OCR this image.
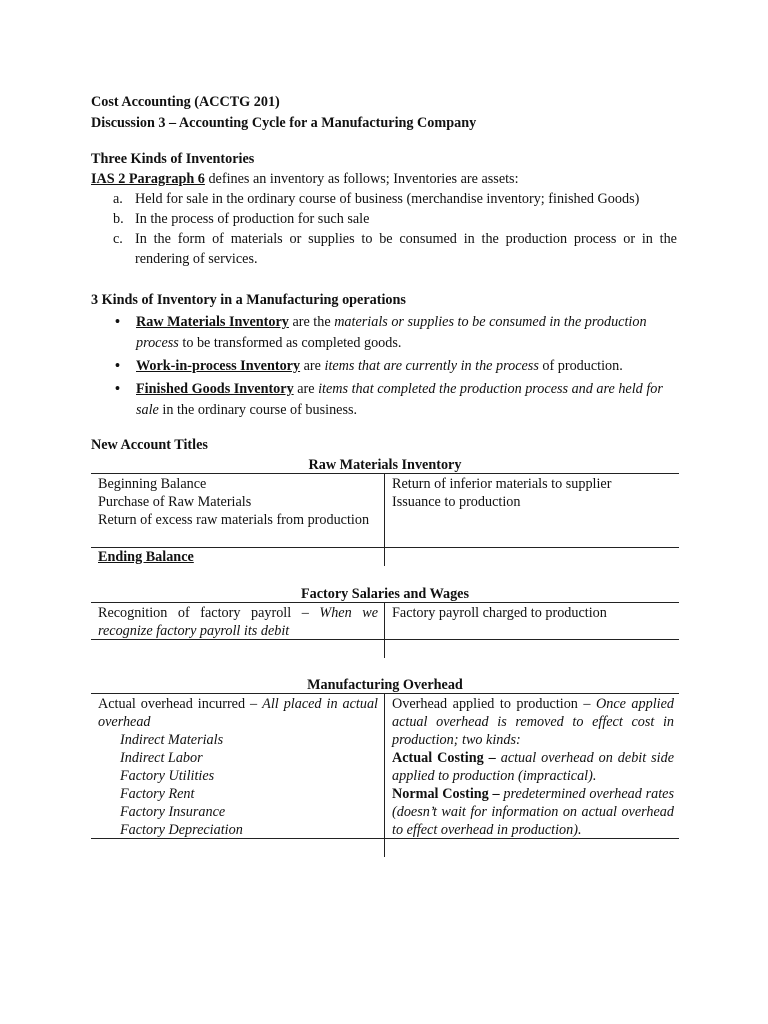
Cost Accounting (ACCTG 201)
Discussion 3 – Accounting Cycle for a Manufacturing Company
Three Kinds of Inventories
IAS 2 Paragraph 6 defines an inventory as follows; Inventories are assets:
a. Held for sale in the ordinary course of business (merchandise inventory; finished Goods)
b. In the process of production for such sale
c. In the form of materials or supplies to be consumed in the production process or in the rendering of services.
3 Kinds of Inventory in a Manufacturing operations
• Raw Materials Inventory are the materials or supplies to be consumed in the production process to be transformed as completed goods.
• Work-in-process Inventory are items that are currently in the process of production.
• Finished Goods Inventory are items that completed the production process and are held for sale in the ordinary course of business.
New Account Titles
Raw Materials Inventory
Beginning Balance
Purchase of Raw Materials
Return of excess raw materials from production
Return of inferior materials to supplier
Issuance to production
Ending Balance
Factory Salaries and Wages
Recognition of factory payroll – When we recognize factory payroll its debit
Factory payroll charged to production
Manufacturing Overhead
Actual overhead incurred – All placed in actual overhead
Indirect Materials
Indirect Labor
Factory Utilities
Factory Rent
Factory Insurance
Factory Depreciation
Overhead applied to production – Once applied actual overhead is removed to effect cost in production; two kinds:
Actual Costing – actual overhead on debit side applied to production (impractical).
Normal Costing – predetermined overhead rates (doesn’t wait for information on actual overhead to effect overhead in production).
